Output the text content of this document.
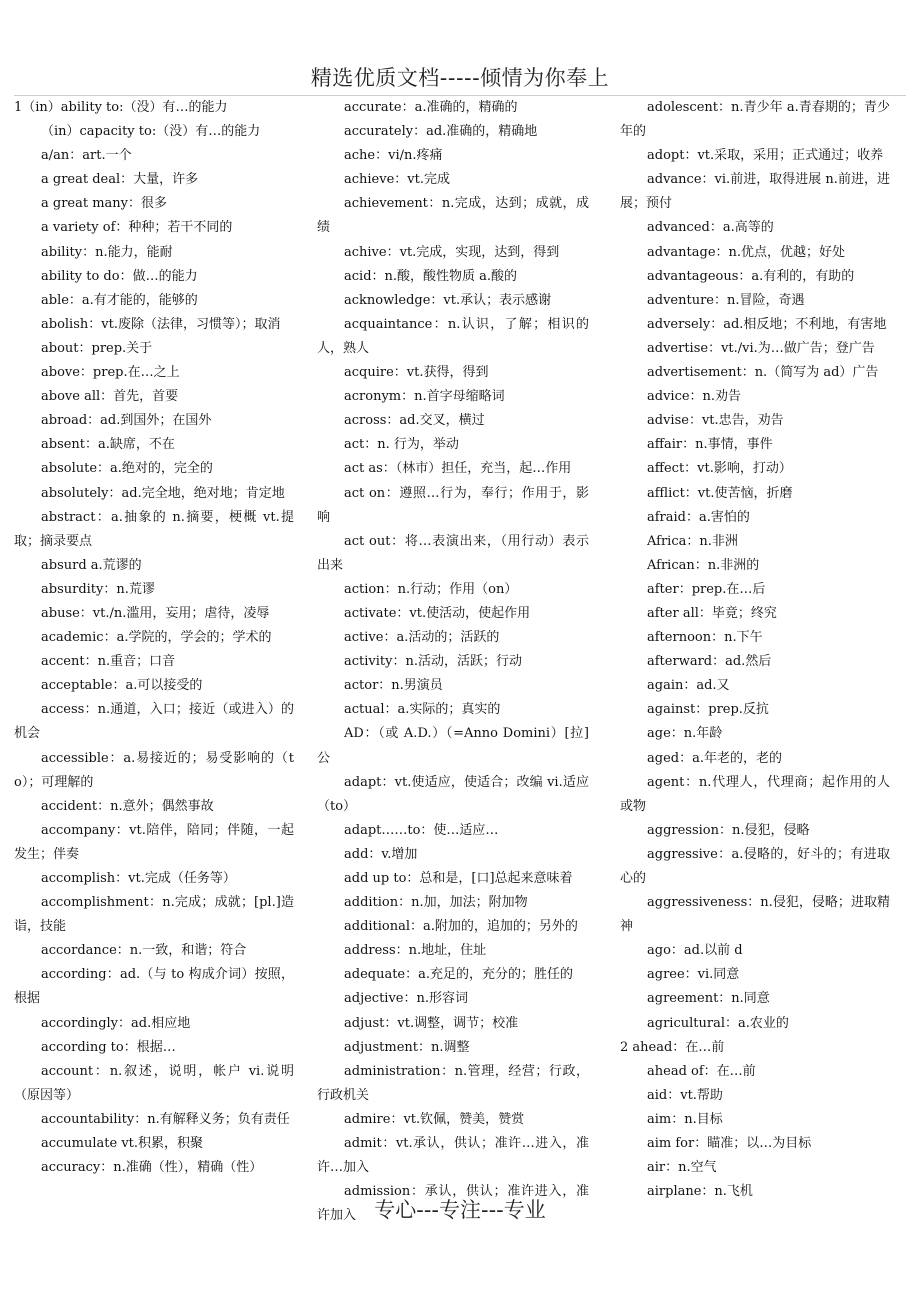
精选优质文档-----倾情为你奉上
1（in）ability to:（没）有…的能力
（in）capacity to:（没）有…的能力
a/an：art.一个
a great deal：大量，许多
a great many：很多
a variety of：种种；若干不同的
ability：n.能力，能耐
ability to do：做…的能力
able：a.有才能的，能够的
abolish：vt.废除（法律，习惯等）；取消
about：prep.关于
above：prep.在…之上
above all：首先，首要
abroad：ad.到国外；在国外
absent：a.缺席，不在
absolute：a.绝对的，完全的
absolutely：ad.完全地，绝对地；肯定地
abstract：a.抽象的 n.摘要，梗概 vt.提取；摘录要点
absurd a.荒谬的
absurdity：n.荒谬
abuse：vt./n.滥用，妄用；虐待，凌辱
academic：a.学院的，学会的；学术的
accent：n.重音；口音
acceptable：a.可以接受的
access：n.通道，入口；接近（或进入）的机会
accessible：a.易接近的；易受影响的（to）；可理解的
accident：n.意外；偶然事故
accompany：vt.陪伴，陪同；伴随，一起发生；伴奏
accomplish：vt.完成（任务等）
accomplishment：n.完成；成就；[pl.]造诣，技能
accordance：n.一致，和谐；符合
according：ad.（与 to 构成介词）按照，根据
accordingly：ad.相应地
according to：根据…
account：n.叙述，说明，帐户 vi.说明（原因等）
accountability：n.有解释义务；负有责任
accumulate vt.积累，积聚
accuracy：n.准确（性），精确（性）
accurate：a.准确的，精确的
accurately：ad.准确的，精确地
ache：vi/n.疼痛
achieve：vt.完成
achievement：n.完成，达到；成就，成绩
achive：vt.完成，实现，达到，得到
acid：n.酸，酸性物质 a.酸的
acknowledge：vt.承认；表示感谢
acquaintance：n.认识，了解；相识的人，熟人
acquire：vt.获得，得到
acronym：n.首字母缩略词
across：ad.交叉，横过
act：n. 行为，举动
act as：（林市）担任，充当，起…作用
act on：遵照…行为，奉行；作用于，影响
act out：将…表演出来，（用行动）表示出来
action：n.行动；作用（on）
activate：vt.使活动，使起作用
active：a.活动的；活跃的
activity：n.活动，活跃；行动
actor：n.男演员
actual：a.实际的；真实的
AD：（或 A.D.）（=Anno Domini）[拉]公
adapt：vt.使适应，使适合；改编 vi.适应（to）
adapt……to：使…适应…
add：v.增加
add up to：总和是，[口]总起来意味着
addition：n.加，加法；附加物
additional：a.附加的，追加的；另外的
address：n.地址，住址
adequate：a.充足的，充分的；胜任的
adjective：n.形容词
adjust：vt.调整，调节；校准
adjustment：n.调整
administration：n.管理，经营；行政，行政机关
admire：vt.钦佩，赞美，赞赏
admit：vt.承认，供认；准许…进入，准许…加入
admission：承认，供认；准许进入，准许加入
adolescent：n.青少年 a.青春期的；青少年的
adopt：vt.采取，采用；正式通过；收养
advance：vi.前进，取得进展 n.前进，进展；预付
advanced：a.高等的
advantage：n.优点，优越；好处
advantageous：a.有利的，有助的
adventure：n.冒险，奇遇
adversely：ad.相反地；不利地，有害地
advertise：vt./vi.为…做广告；登广告
advertisement：n.（简写为 ad）广告
advice：n.劝告
advise：vt.忠告，劝告
affair：n.事情，事件
affect：vt.影响，打动）
afflict：vt.使苦恼，折磨
afraid：a.害怕的
Africa：n.非洲
African：n.非洲的
after：prep.在…后
after all：毕竟；终究
afternoon：n.下午
afterward：ad.然后
again：ad.又
against：prep.反抗
age：n.年龄
aged：a.年老的，老的
agent：n.代理人，代理商；起作用的人或物
aggression：n.侵犯，侵略
aggressive：a.侵略的，好斗的；有进取心的
aggressiveness：n.侵犯，侵略；进取精神
ago：ad.以前 d
agree：vi.同意
agreement：n.同意
agricultural：a.农业的
2 ahead：在…前
ahead of：在…前
aid：vt.帮助
aim：n.目标
aim for：瞄准；以…为目标
air：n.空气
airplane：n.飞机
专心---专注---专业
